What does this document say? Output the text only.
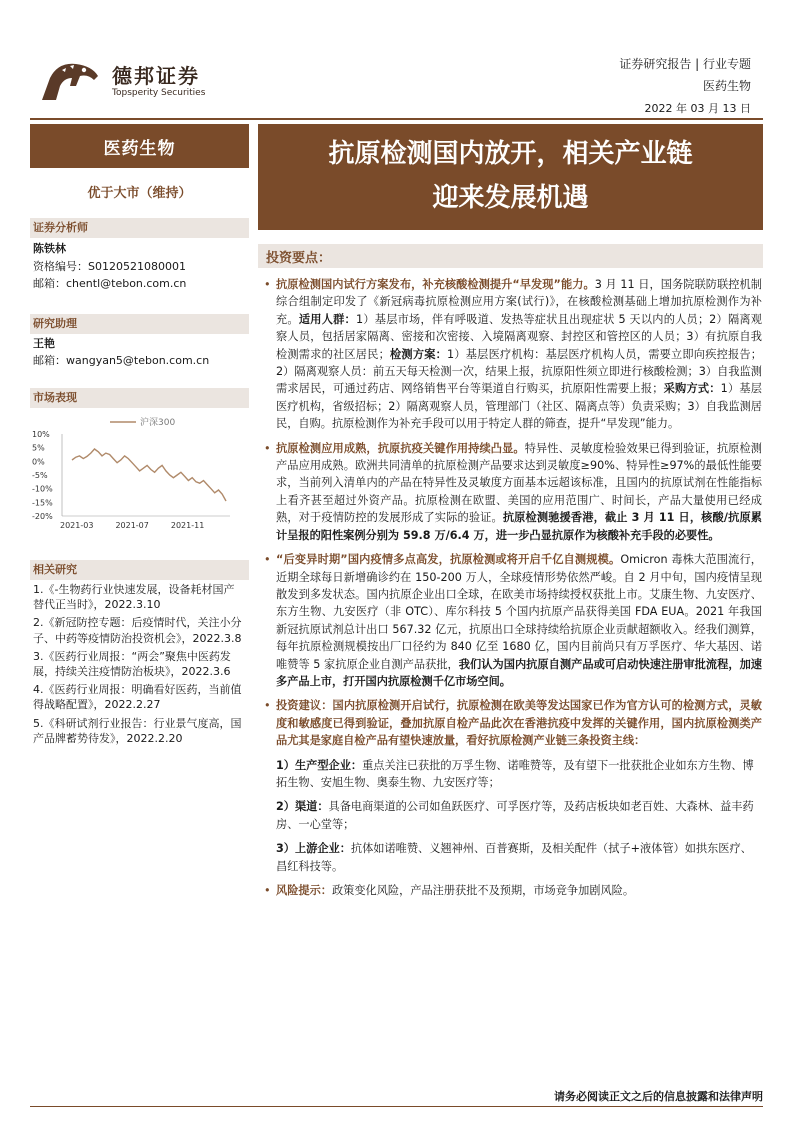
德邦证券
Topsperity Securities
证券研究报告 | 行业专题
医药生物
2022 年 03 月 13 日
医药生物
优于大市（维持）
证券分析师
陈铁林
资格编号：S0120521080001
邮箱：chentl@tebon.com.cn
研究助理
王艳
邮箱：wangyan5@tebon.com.cn
市场表现
沪深300
10%
5%
0%
-5%
-10%
-15%
-20%
2021-03	2021-07	2021-11
相关研究
1.《-生物药行业快速发展，设备耗材国产替代正当时》，2022.3.10
2.《新冠防控专题：后疫情时代，关注小分子、中药等疫情防治投资机会》，2022.3.8
3.《医药行业周报：“两会”聚焦中医药发展，持续关注疫情防治板块》，2022.3.6
4.《医药行业周报：明确看好医药，当前值得战略配置》，2022.2.27
5.《科研试剂行业报告：行业景气度高，国产品牌蓄势待发》，2022.2.20
抗原检测国内放开，相关产业链
迎来发展机遇
投资要点：
• 抗原检测国内试行方案发布，补充核酸检测提升“早发现”能力。3 月 11 日，国务院联防联控机制综合组制定印发了《新冠病毒抗原检测应用方案(试行)》，在核酸检测基础上增加抗原检测作为补充。适用人群：1）基层市场，伴有呼吸道、发热等症状且出现症状 5 天以内的人员；2）隔离观察人员，包括居家隔离、密接和次密接、入境隔离观察、封控区和管控区的人员；3）有抗原自我检测需求的社区居民；检测方案：1）基层医疗机构：基层医疗机构人员，需要立即向疾控报告；2）隔离观察人员：前五天每天检测一次，结果上报，抗原阳性须立即进行核酸检测；3）自我监测需求居民，可通过药店、网络销售平台等渠道自行购买，抗原阳性需要上报；采购方式：1）基层医疗机构，省级招标；2）隔离观察人员，管理部门（社区、隔离点等）负责采购；3）自我监测居民，自购。抗原检测作为补充手段可以用于特定人群的筛查，提升“早发现”能力。
• 抗原检测应用成熟，抗原抗疫关键作用持续凸显。特异性、灵敏度检验效果已得到验证，抗原检测产品应用成熟。欧洲共同清单的抗原检测产品要求达到灵敏度≥90%、特异性≥97%的最低性能要求，当前列入清单内的产品在特异性及灵敏度方面基本远超该标准，且国内的抗原试剂在性能指标上看齐甚至超过外资产品。抗原检测在欧盟、美国的应用范围广、时间长，产品大量使用已经成熟，对于疫情防控的发展形成了实际的验证。抗原检测驰援香港，截止 3 月 11 日，核酸/抗原累计呈报的阳性案例分别为 59.8 万/6.4 万，进一步凸显抗原作为核酸补充手段的必要性。
• “后变异时期”国内疫情多点高发，抗原检测或将开启千亿自测规模。Omicron 毒株大范围流行，近期全球每日新增确诊约在 150-200 万人，全球疫情形势依然严峻。自 2 月中旬，国内疫情呈现散发到多发状态。国内抗原企业出口全球，在欧美市场持续授权获批上市。艾康生物、九安医疗、东方生物、九安医疗（非 OTC）、库尔科技 5 个国内抗原产品获得美国 FDA EUA。2021 年我国新冠抗原试剂总计出口 567.32 亿元，抗原出口全球持续给抗原企业贡献超额收入。经我们测算，每年抗原检测规模按出厂口径约为 840 亿至 1680 亿，国内目前尚只有万孚医疗、华大基因、诺唯赞等 5 家抗原企业自测产品获批，我们认为国内抗原自测产品或可启动快速注册审批流程，加速多产品上市，打开国内抗原检测千亿市场空间。
• 投资建议：国内抗原检测开启试行，抗原检测在欧美等发达国家已作为官方认可的检测方式，灵敏度和敏感度已得到验证，叠加抗原自检产品此次在香港抗疫中发挥的关键作用，国内抗原检测类产品尤其是家庭自检产品有望快速放量，看好抗原检测产业链三条投资主线：
1）生产型企业：重点关注已获批的万孚生物、诺唯赞等，及有望下一批获批企业如东方生物、博拓生物、安旭生物、奥泰生物、九安医疗等；
2）渠道：具备电商渠道的公司如鱼跃医疗、可孚医疗等，及药店板块如老百姓、大森林、益丰药房、一心堂等；
3）上游企业：抗体如诺唯赞、义翘神州、百普赛斯，及相关配件（拭子+液体管）如拱东医疗、昌红科技等。
• 风险提示：政策变化风险，产品注册获批不及预期，市场竞争加剧风险。
请务必阅读正文之后的信息披露和法律声明
